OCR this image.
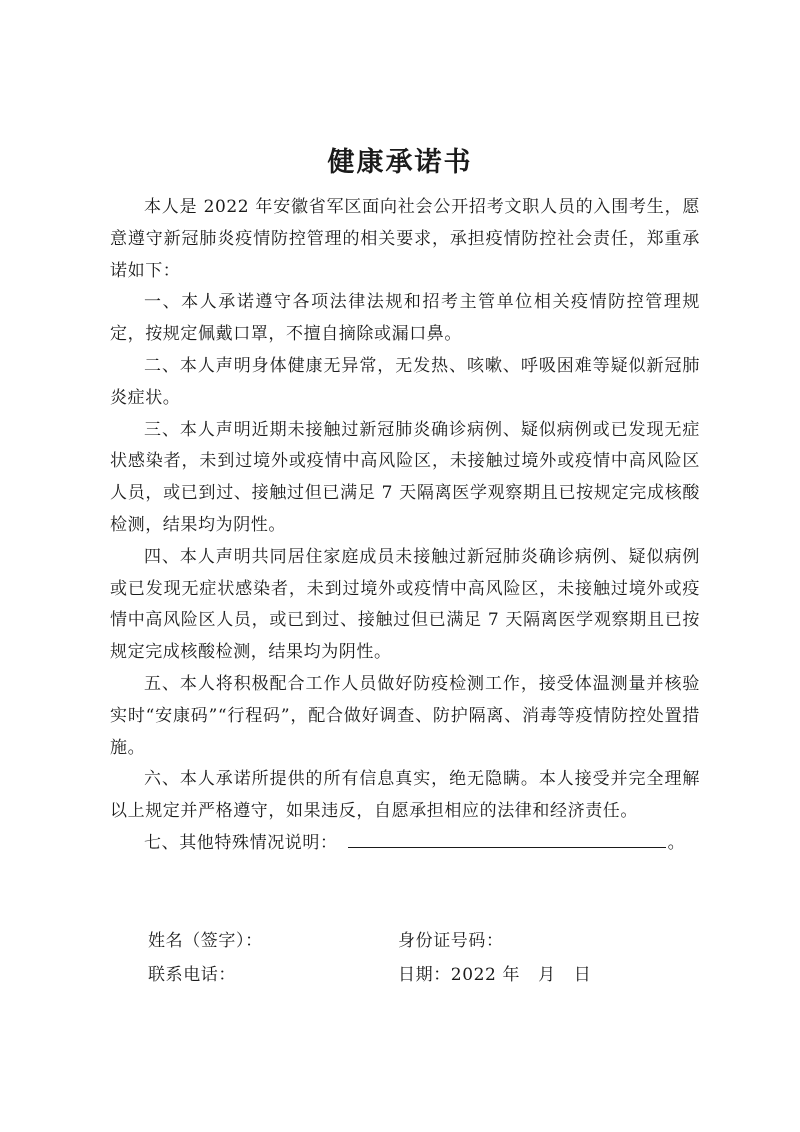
健康承诺书

本人是 2022 年安徽省军区面向社会公开招考文职人员的入围考生，愿意遵守新冠肺炎疫情防控管理的相关要求，承担疫情防控社会责任，郑重承诺如下：

一、本人承诺遵守各项法律法规和招考主管单位相关疫情防控管理规定，按规定佩戴口罩，不擅自摘除或漏口鼻。

二、本人声明身体健康无异常，无发热、咳嗽、呼吸困难等疑似新冠肺炎症状。

三、本人声明近期未接触过新冠肺炎确诊病例、疑似病例或已发现无症状感染者，未到过境外或疫情中高风险区，未接触过境外或疫情中高风险区人员，或已到过、接触过但已满足 7 天隔离医学观察期且已按规定完成核酸检测，结果均为阴性。

四、本人声明共同居住家庭成员未接触过新冠肺炎确诊病例、疑似病例或已发现无症状感染者，未到过境外或疫情中高风险区，未接触过境外或疫情中高风险区人员，或已到过、接触过但已满足 7 天隔离医学观察期且已按规定完成核酸检测，结果均为阴性。

五、本人将积极配合工作人员做好防疫检测工作，接受体温测量并核验实时“安康码”“行程码”，配合做好调查、防护隔离、消毒等疫情防控处置措施。

六、本人承诺所提供的所有信息真实，绝无隐瞒。本人接受并完全理解以上规定并严格遵守，如果违反，自愿承担相应的法律和经济责任。

七、其他特殊情况说明：	。

姓名（签字）：	身份证号码：
联系电话：	日期：2022 年 月 日
